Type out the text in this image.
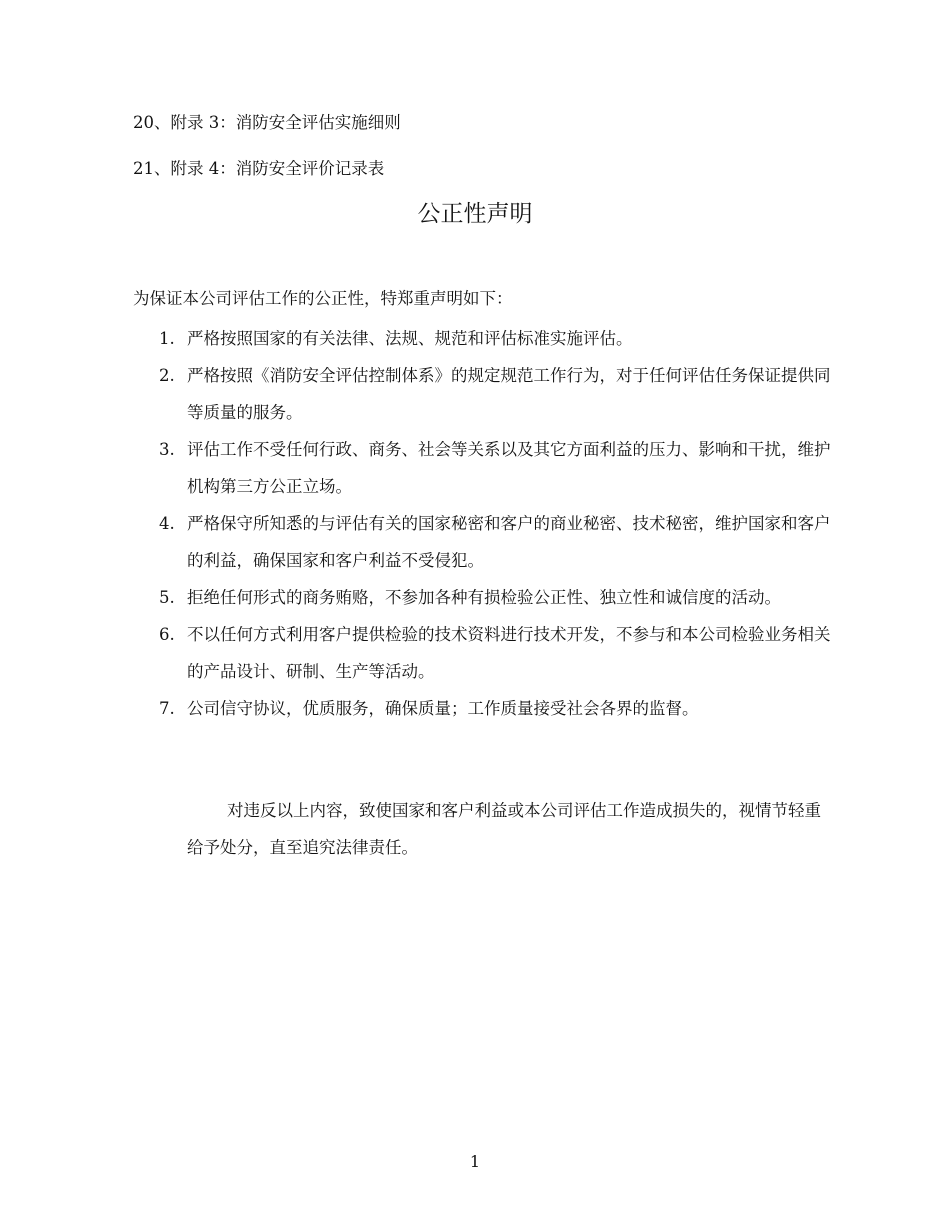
20、附录 3：消防安全评估实施细则
21、附录 4：消防安全评价记录表
公正性声明
为保证本公司评估工作的公正性，特郑重声明如下：
1. 严格按照国家的有关法律、法规、规范和评估标准实施评估。
2. 严格按照《消防安全评估控制体系》的规定规范工作行为，对于任何评估任务保证提供同等质量的服务。
3. 评估工作不受任何行政、商务、社会等关系以及其它方面利益的压力、影响和干扰，维护机构第三方公正立场。
4. 严格保守所知悉的与评估有关的国家秘密和客户的商业秘密、技术秘密，维护国家和客户的利益，确保国家和客户利益不受侵犯。
5. 拒绝任何形式的商务贿赂，不参加各种有损检验公正性、独立性和诚信度的活动。
6. 不以任何方式利用客户提供检验的技术资料进行技术开发，不参与和本公司检验业务相关的产品设计、研制、生产等活动。
7. 公司信守协议，优质服务，确保质量；工作质量接受社会各界的监督。

对违反以上内容，致使国家和客户利益或本公司评估工作造成损失的，视情节轻重给予处分，直至追究法律责任。

1
